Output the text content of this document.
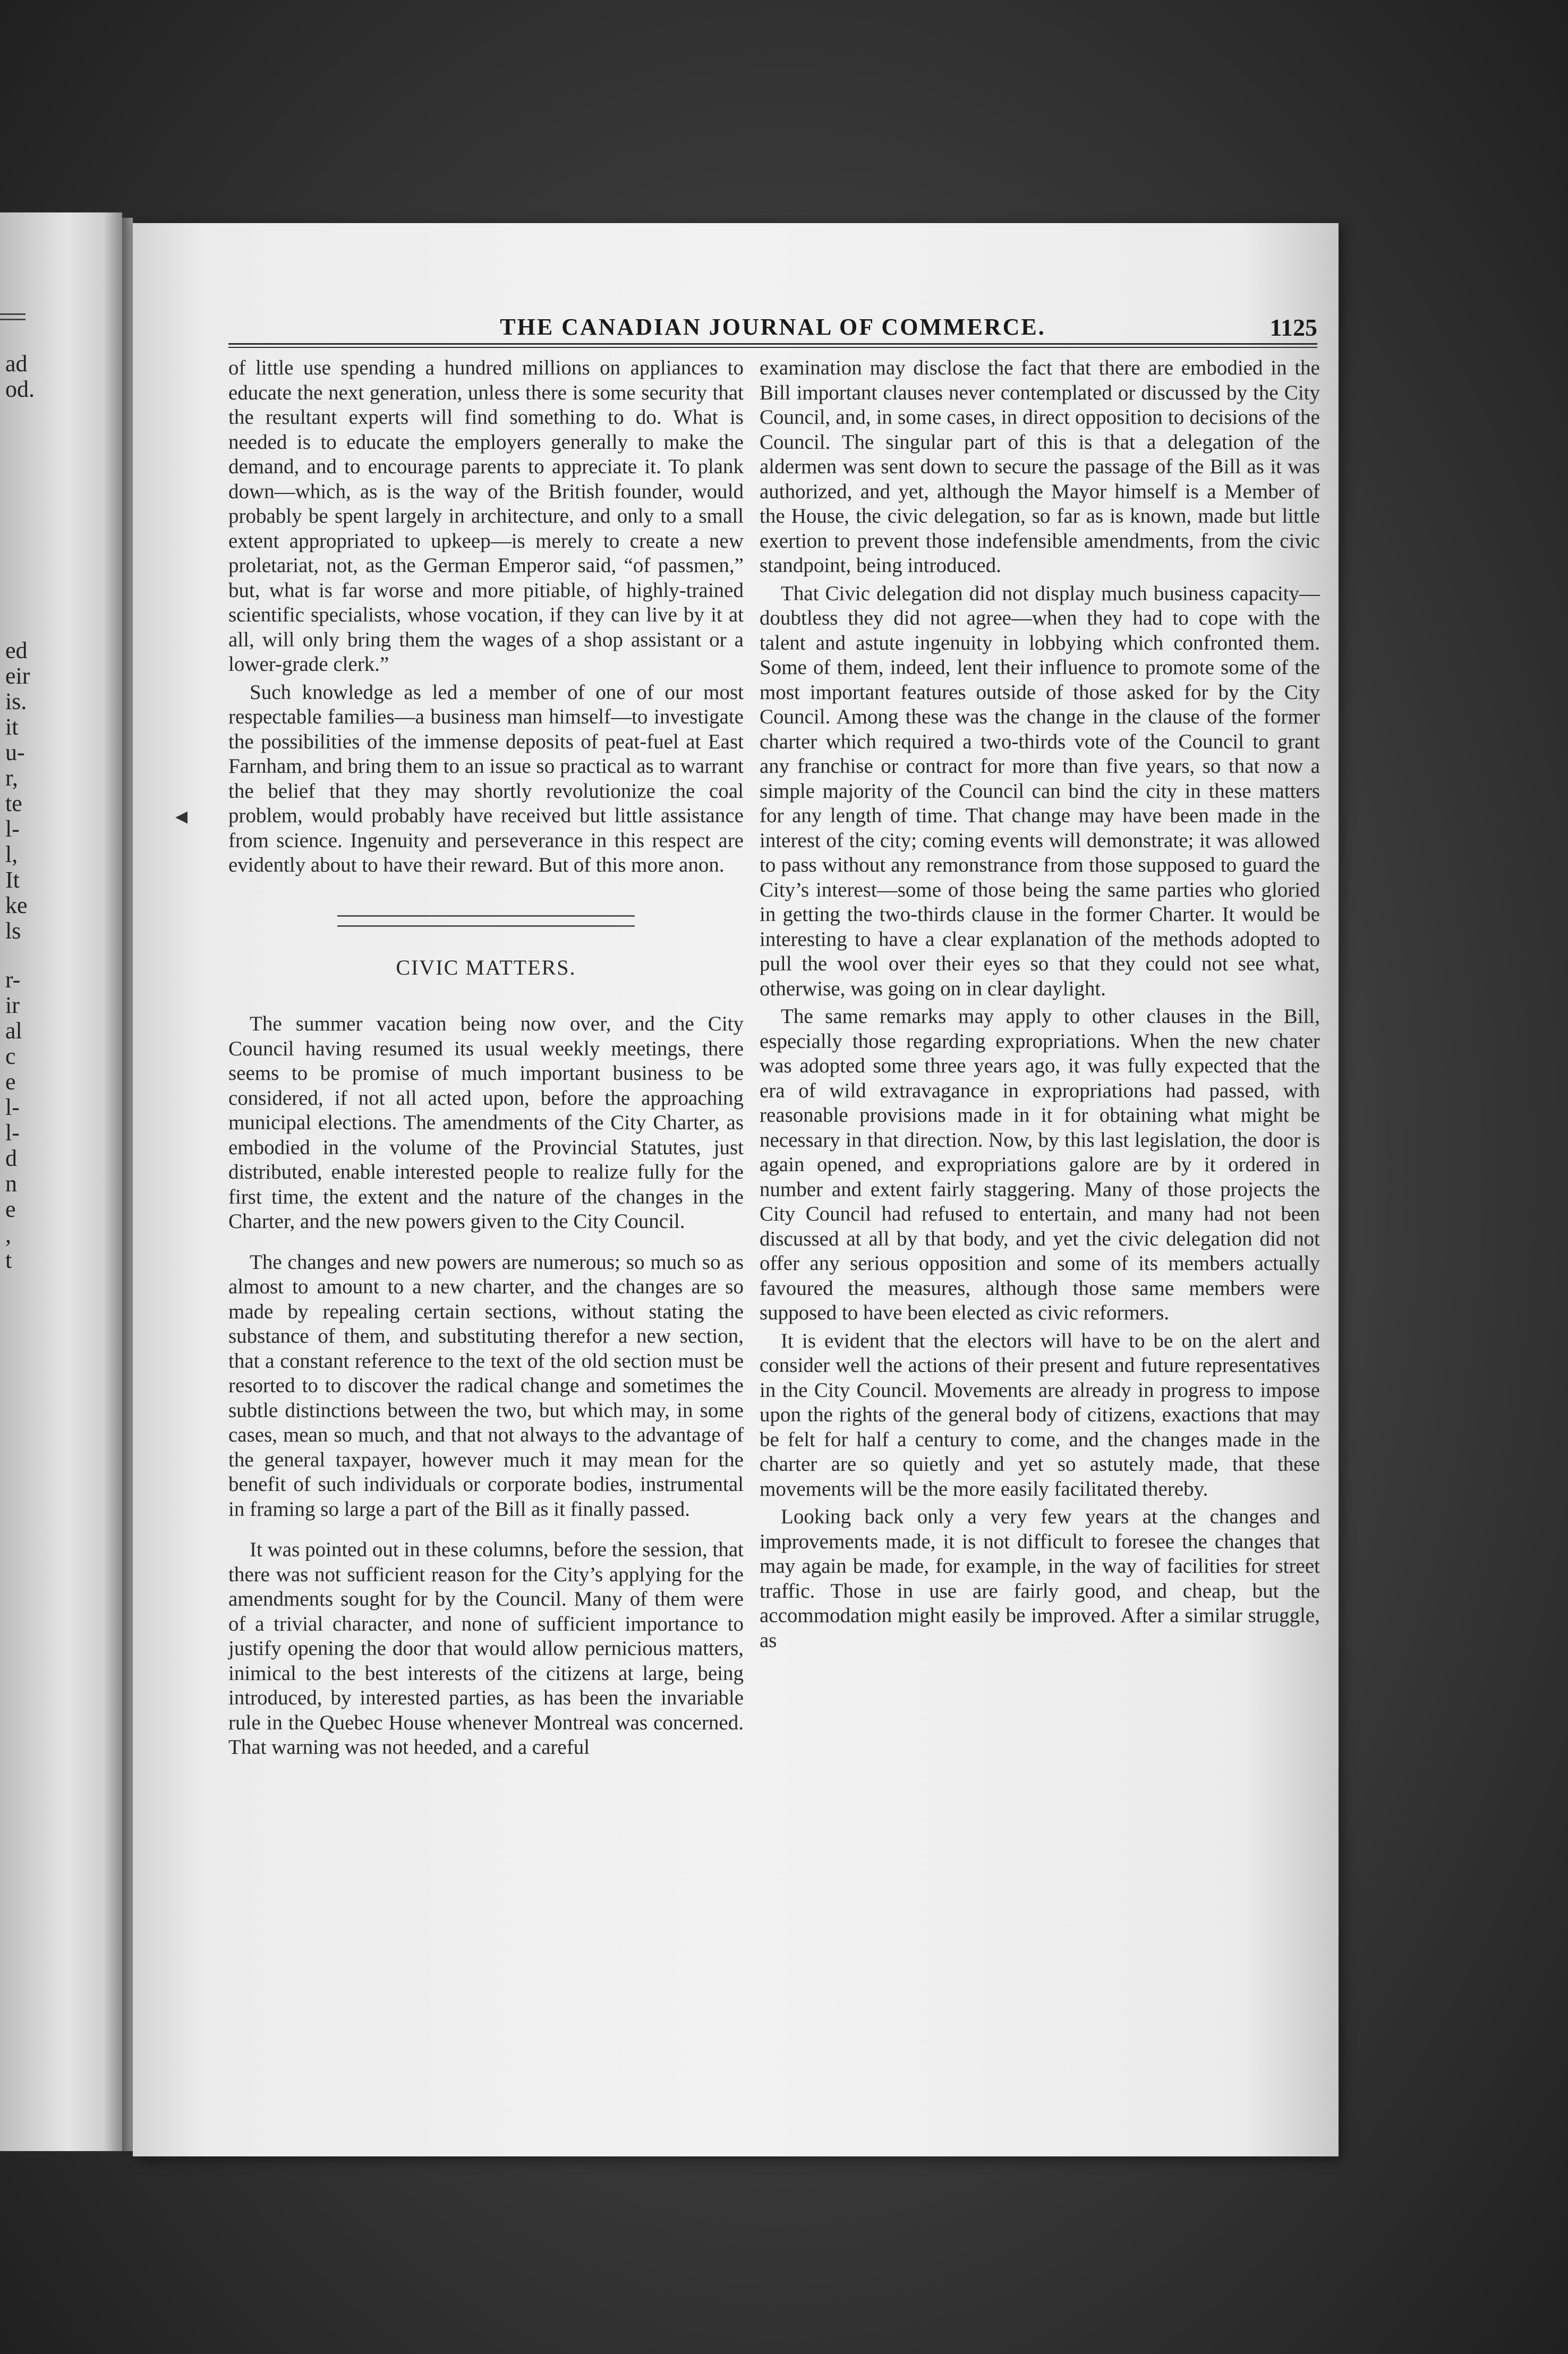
ad
od.
ed
eir
is.
it
u-
r,
te
l-
l,
It
ke
ls
r-
ir
al
c
e
l-
l-
d
n
e
,
t
THE CANADIAN JOURNAL OF COMMERCE.	1125

of little use spending a hundred millions on appliances to educate the next generation, unless there is some security that the resultant experts will find something to do. What is needed is to educate the employers generally to make the demand, and to encourage parents to appreciate it. To plank down—which, as is the way of the British founder, would probably be spent largely in architecture, and only to a small extent appropriated to upkeep—is merely to create a new proletariat, not, as the German Emperor said, “of passmen,” but, what is far worse and more pitiable, of highly-trained scientific specialists, whose vocation, if they can live by it at all, will only bring them the wages of a shop assistant or a lower-grade clerk.”

Such knowledge as led a member of one of our most respectable families—a business man himself—to investigate the possibilities of the immense deposits of peat-fuel at East Farnham, and bring them to an issue so practical as to warrant the belief that they may shortly revolutionize the coal problem, would probably have received but little assistance from science. Ingenuity and perseverance in this respect are evidently about to have their reward. But of this more anon.

CIVIC MATTERS.

The summer vacation being now over, and the City Council having resumed its usual weekly meetings, there seems to be promise of much important business to be considered, if not all acted upon, before the approaching municipal elections. The amendments of the City Charter, as embodied in the volume of the Provincial Statutes, just distributed, enable interested people to realize fully for the first time, the extent and the nature of the changes in the Charter, and the new powers given to the City Council.

The changes and new powers are numerous; so much so as almost to amount to a new charter, and the changes are so made by repealing certain sections, without stating the substance of them, and substituting therefor a new section, that a constant reference to the text of the old section must be resorted to to discover the radical change and sometimes the subtle distinctions between the two, but which may, in some cases, mean so much, and that not always to the advantage of the general taxpayer, however much it may mean for the benefit of such individuals or corporate bodies, instrumental in framing so large a part of the Bill as it finally passed.

It was pointed out in these columns, before the session, that there was not sufficient reason for the City’s applying for the amendments sought for by the Council. Many of them were of a trivial character, and none of sufficient importance to justify opening the door that would allow pernicious matters, inimical to the best interests of the citizens at large, being introduced, by interested parties, as has been the invariable rule in the Quebec House whenever Montreal was concerned. That warning was not heeded, and a careful

examination may disclose the fact that there are embodied in the Bill important clauses never contemplated or discussed by the City Council, and, in some cases, in direct opposition to decisions of the Council. The singular part of this is that a delegation of the aldermen was sent down to secure the passage of the Bill as it was authorized, and yet, although the Mayor himself is a Member of the House, the civic delegation, so far as is known, made but little exertion to prevent those indefensible amendments, from the civic standpoint, being introduced.

That Civic delegation did not display much business capacity—doubtless they did not agree—when they had to cope with the talent and astute ingenuity in lobbying which confronted them. Some of them, indeed, lent their influence to promote some of the most important features outside of those asked for by the City Council. Among these was the change in the clause of the former charter which required a two-thirds vote of the Council to grant any franchise or contract for more than five years, so that now a simple majority of the Council can bind the city in these matters for any length of time. That change may have been made in the interest of the city; coming events will demonstrate; it was allowed to pass without any remonstrance from those supposed to guard the City’s interest—some of those being the same parties who gloried in getting the two-thirds clause in the former Charter. It would be interesting to have a clear explanation of the methods adopted to pull the wool over their eyes so that they could not see what, otherwise, was going on in clear daylight.

The same remarks may apply to other clauses in the Bill, especially those regarding expropriations. When the new chater was adopted some three years ago, it was fully expected that the era of wild extravagance in expropriations had passed, with reasonable provisions made in it for obtaining what might be necessary in that direction. Now, by this last legislation, the door is again opened, and expropriations galore are by it ordered in number and extent fairly staggering. Many of those projects the City Council had refused to entertain, and many had not been discussed at all by that body, and yet the civic delegation did not offer any serious opposition and some of its members actually favoured the measures, although those same members were supposed to have been elected as civic reformers.

It is evident that the electors will have to be on the alert and consider well the actions of their present and future representatives in the City Council. Movements are already in progress to impose upon the rights of the general body of citizens, exactions that may be felt for half a century to come, and the changes made in the charter are so quietly and yet so astutely made, that these movements will be the more easily facilitated thereby.

Looking back only a very few years at the changes and improvements made, it is not difficult to foresee the changes that may again be made, for example, in the way of facilities for street traffic. Those in use are fairly good, and cheap, but the accommodation might easily be improved. After a similar struggle, as

◀
